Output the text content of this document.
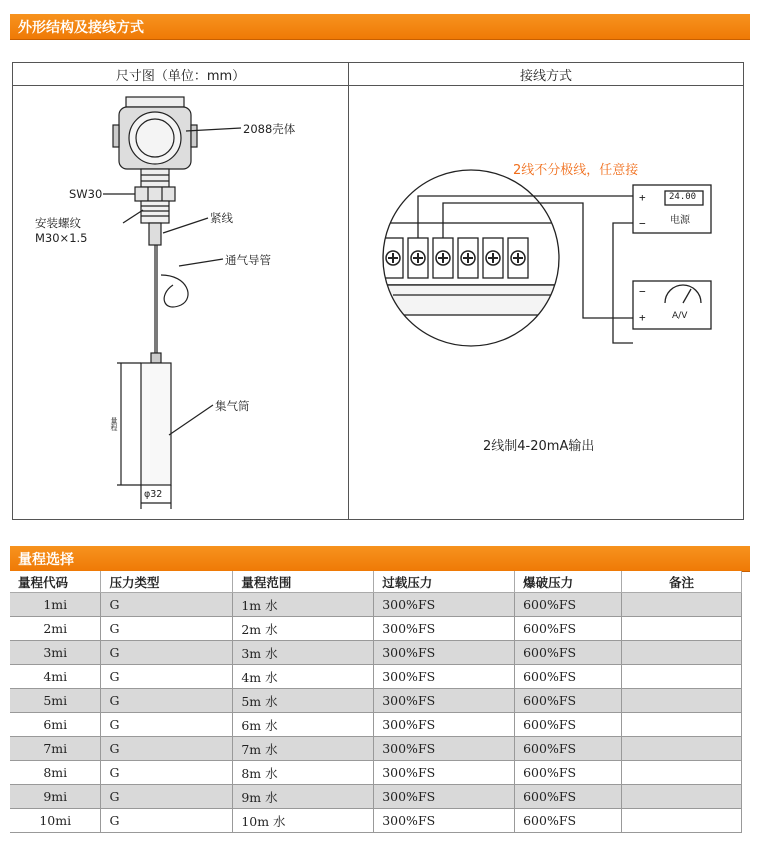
外形结构及接线方式
尺寸图（单位：mm）	接线方式
2088壳体
SW30
安装螺纹
M30×1.5
紧线
通气导管
集气筒
φ32
量程
2线不分极线，任意接
+
−
−
+
24.00
电源
A/V
2线制4-20mA输出
量程选择
量程代码	压力类型	量程范围	过载压力	爆破压力	备注
1mi	G	1m 水	300%FS	600%FS	
2mi	G	2m 水	300%FS	600%FS	
3mi	G	3m 水	300%FS	600%FS	
4mi	G	4m 水	300%FS	600%FS	
5mi	G	5m 水	300%FS	600%FS	
6mi	G	6m 水	300%FS	600%FS	
7mi	G	7m 水	300%FS	600%FS	
8mi	G	8m 水	300%FS	600%FS	
9mi	G	9m 水	300%FS	600%FS	
10mi	G	10m 水	300%FS	600%FS	
